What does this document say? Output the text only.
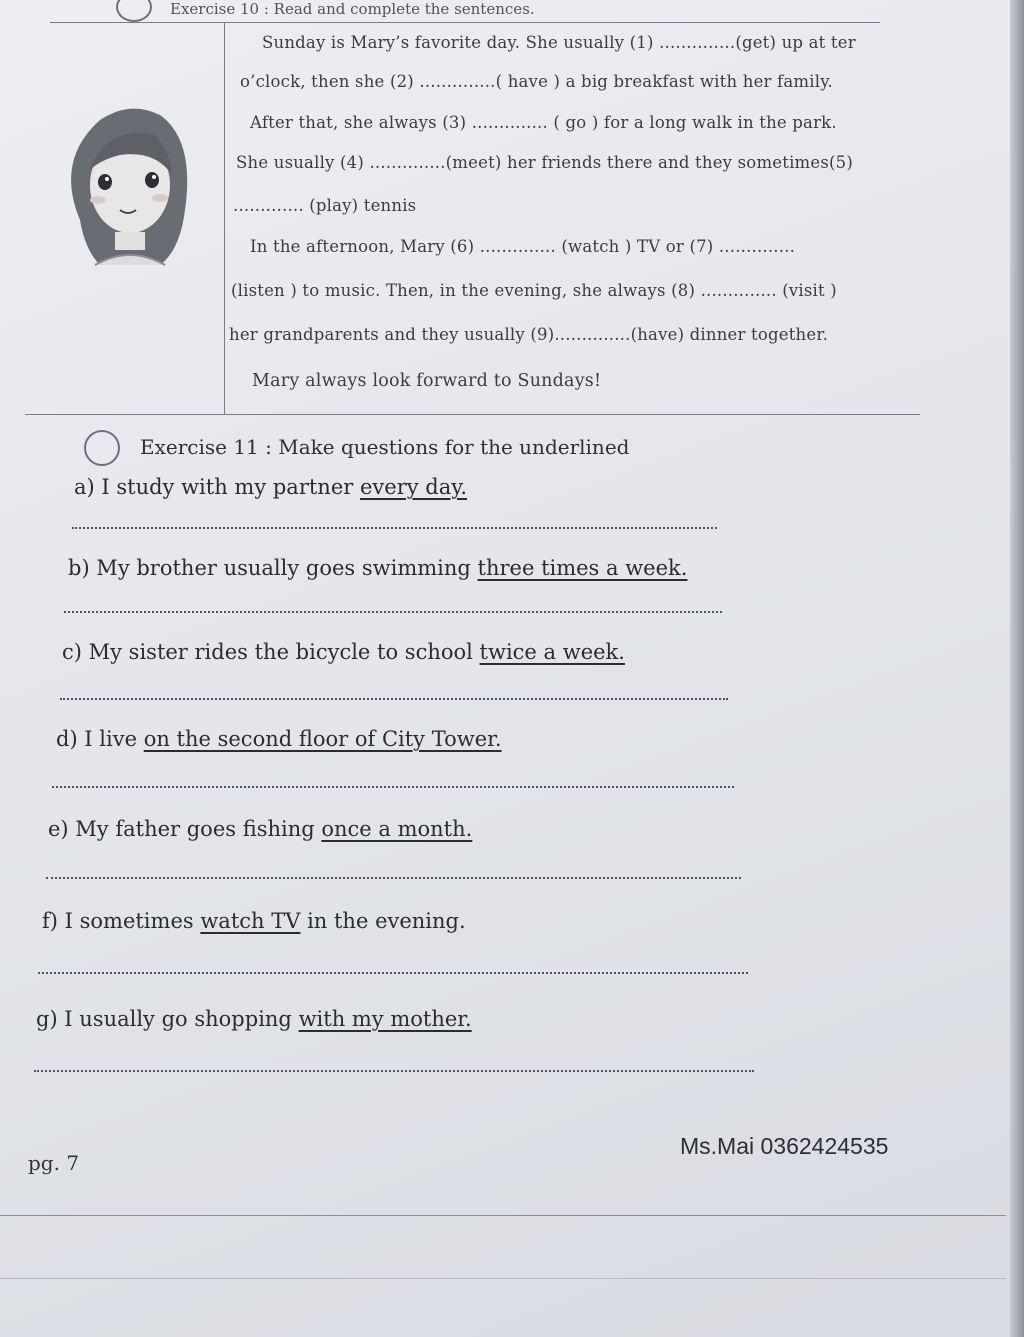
Exercise 10 : Read and complete the sentences.
Sunday is Mary’s favorite day. She usually (1) ..............(get) up at ter
o’clock, then she (2) ..............( have ) a big breakfast with her family.
After that, she always (3) .............. ( go ) for a long walk in the park.
She usually (4) ..............(meet) her friends there and they sometimes(5)
............. (play) tennis
In the afternoon, Mary (6) .............. (watch ) TV or (7) ..............
(listen ) to music. Then, in the evening, she always (8) .............. (visit )
her grandparents and they usually (9)..............(have) dinner together.
Mary always look forward to Sundays!
Exercise 11 : Make questions for the underlined
a) I study with my partner every day.
b) My brother usually goes swimming three times a week.
c) My sister rides the bicycle to school twice a week.
d) I live on the second floor of City Tower.
e) My father goes fishing once a month.
f) I sometimes watch TV in the evening.
g) I usually go shopping with my mother.
pg. 7
Ms.Mai 0362424535
